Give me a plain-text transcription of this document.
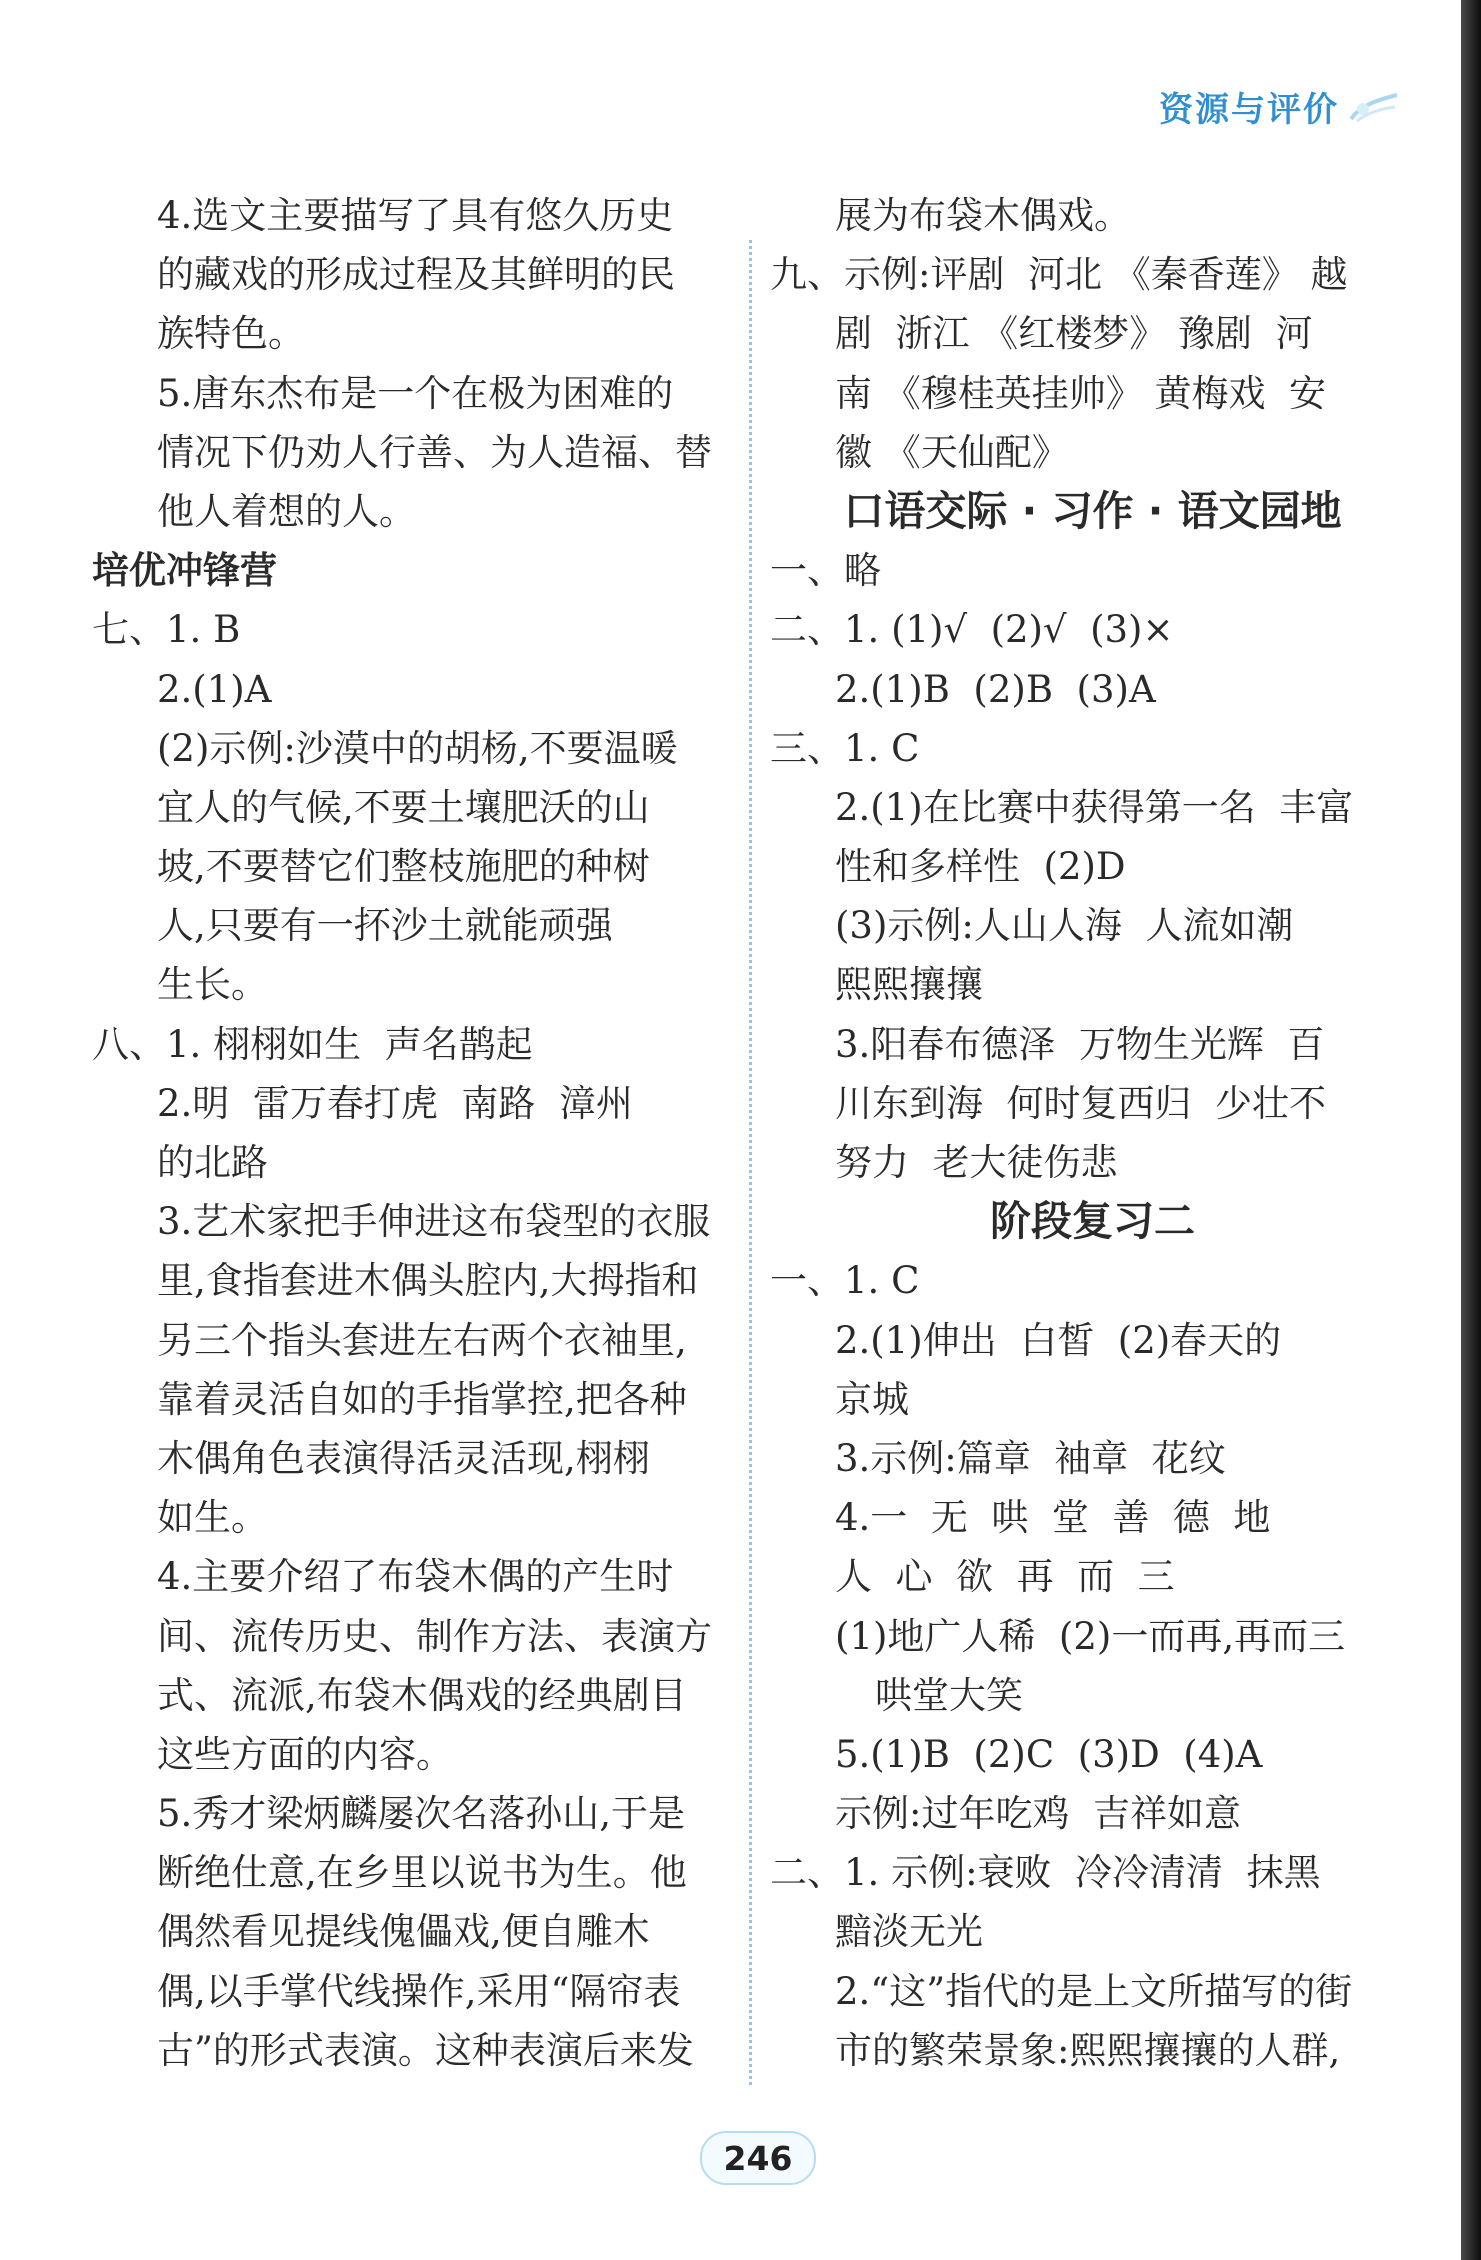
资源与评价
4.选文主要描写了具有悠久历史
的藏戏的形成过程及其鲜明的民
族特色。
5.唐东杰布是一个在极为困难的
情况下仍劝人行善、为人造福、替
他人着想的人。
培优冲锋营
七、1. B
2.(1)A
(2)示例:沙漠中的胡杨,不要温暖
宜人的气候,不要土壤肥沃的山
坡,不要替它们整枝施肥的种树
人,只要有一抔沙土就能顽强
生长。
八、1. 栩栩如生  声名鹊起
2.明  雷万春打虎  南路  漳州
的北路
3.艺术家把手伸进这布袋型的衣服
里,食指套进木偶头腔内,大拇指和
另三个指头套进左右两个衣袖里,
靠着灵活自如的手指掌控,把各种
木偶角色表演得活灵活现,栩栩
如生。
4.主要介绍了布袋木偶的产生时
间、流传历史、制作方法、表演方
式、流派,布袋木偶戏的经典剧目
这些方面的内容。
5.秀才梁炳麟屡次名落孙山,于是
断绝仕意,在乡里以说书为生。他
偶然看见提线傀儡戏,便自雕木
偶,以手掌代线操作,采用“隔帘表
古”的形式表演。这种表演后来发
展为布袋木偶戏。
九、示例:评剧  河北 《秦香莲》 越
剧  浙江 《红楼梦》 豫剧  河
南 《穆桂英挂帅》 黄梅戏  安
徽 《天仙配》
口语交际 · 习作 · 语文园地
一、略
二、1. (1)√  (2)√  (3)×
2.(1)B  (2)B  (3)A
三、1. C
2.(1)在比赛中获得第一名  丰富
性和多样性  (2)D
(3)示例:人山人海  人流如潮
熙熙攘攘
3.阳春布德泽  万物生光辉  百
川东到海  何时复西归  少壮不
努力  老大徒伤悲
阶段复习二
一、1. C
2.(1)伸出  白皙  (2)春天的
京城
3.示例:篇章  袖章  花纹
4.一  无  哄  堂  善  德  地
人  心  欲  再  而  三
(1)地广人稀  (2)一而再,再而三
哄堂大笑
5.(1)B  (2)C  (3)D  (4)A
示例:过年吃鸡  吉祥如意
二、1. 示例:衰败  冷冷清清  抹黑
黯淡无光
2.“这”指代的是上文所描写的街
市的繁荣景象:熙熙攘攘的人群,
246
